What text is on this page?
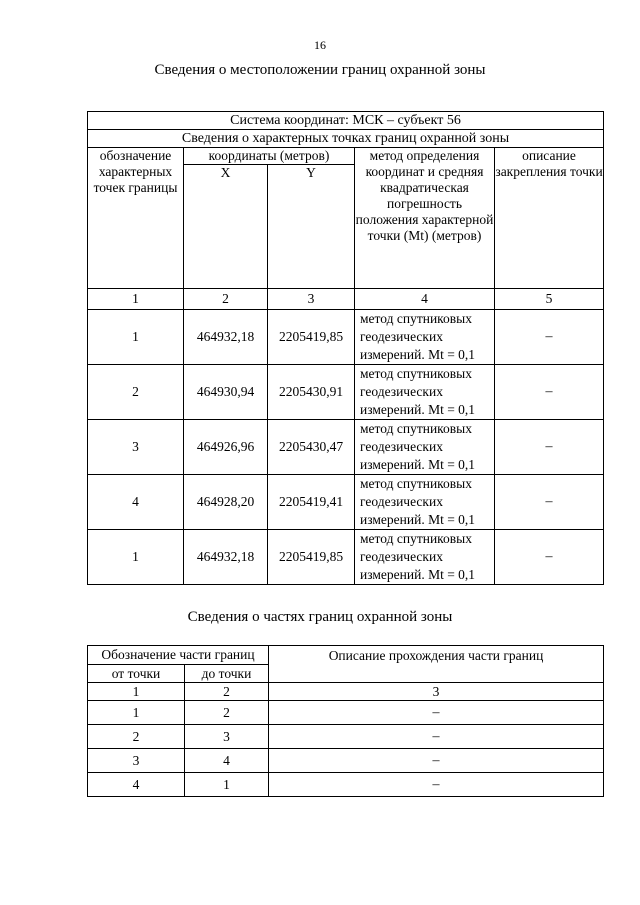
16
Сведения о местоположении границ охранной зоны
Система координат: МСК – субъект 56				
Сведения о характерных точках границ охранной зоны				
обозначение характерных точек границы	координаты (метров)		метод определения координат и средняя квадратическая погрешность положения характерной точки (Mt) (метров)	описание закрепления точки
	X	Y		
1	2	3	4	5
1	464932,18	2205419,85	метод спутниковых геодезических измерений. Mt = 0,1	–
2	464930,94	2205430,91	метод спутниковых геодезических измерений. Mt = 0,1	–
3	464926,96	2205430,47	метод спутниковых геодезических измерений. Mt = 0,1	–
4	464928,20	2205419,41	метод спутниковых геодезических измерений. Mt = 0,1	–
1	464932,18	2205419,85	метод спутниковых геодезических измерений. Mt = 0,1	–
Сведения о частях границ охранной зоны
Обозначение части границ		Описание прохождения части границ
от точки	до точки	
1	2	3
1	2	–
2	3	–
3	4	–
4	1	–
